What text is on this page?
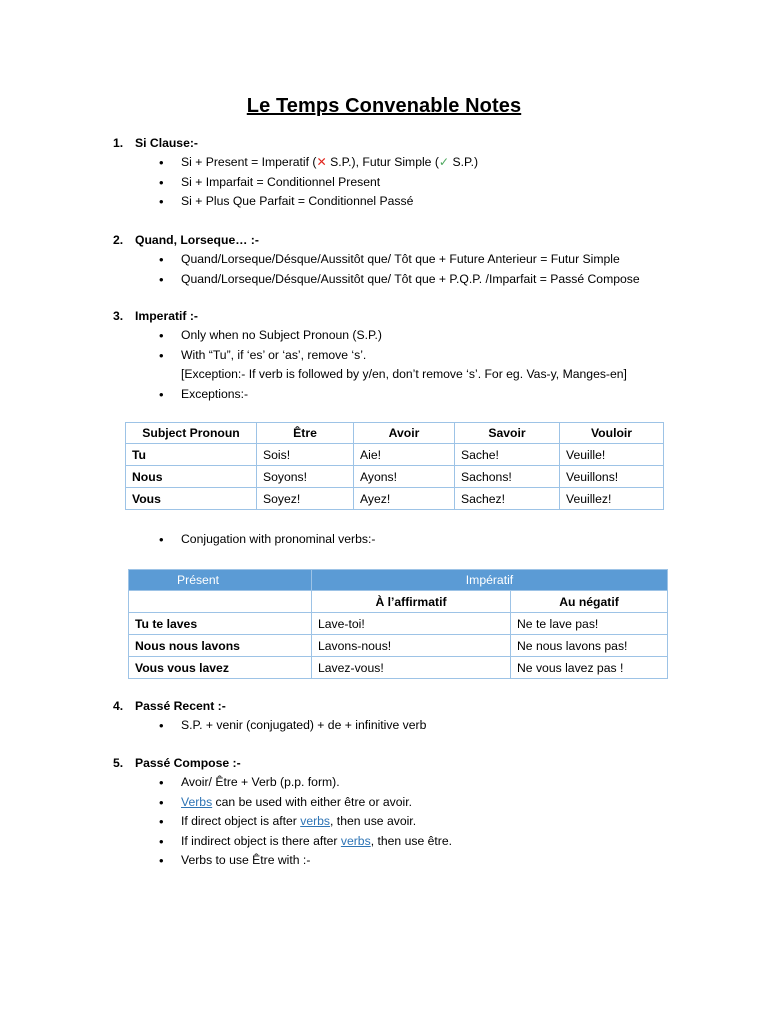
Le Temps Convenable Notes
1. Si Clause:-
• Si + Present = Imperatif (✕ S.P.), Futur Simple (✓ S.P.)
• Si + Imparfait = Conditionnel Present
• Si + Plus Que Parfait = Conditionnel Passé
2. Quand, Lorseque… :-
• Quand/Lorseque/Désque/Aussitôt que/ Tôt que + Future Anterieur = Futur Simple
• Quand/Lorseque/Désque/Aussitôt que/ Tôt que + P.Q.P. /Imparfait = Passé Compose
3. Imperatif :-
• Only when no Subject Pronoun (S.P.)
• With “Tu”, if ‘es’ or ‘as’, remove ‘s’.
[Exception:- If verb is followed by y/en, don’t remove ‘s’. For eg. Vas-y, Manges-en]
• Exceptions:-
Subject Pronoun	Être	Avoir	Savoir	Vouloir
Tu	Sois!	Aie!	Sache!	Veuille!
Nous	Soyons!	Ayons!	Sachons!	Veuillons!
Vous	Soyez!	Ayez!	Sachez!	Veuillez!
• Conjugation with pronominal verbs:-
Présent	Impératif	
	À l’affirmatif	Au négatif
Tu te laves	Lave-toi!	Ne te lave pas!
Nous nous lavons	Lavons-nous!	Ne nous lavons pas!
Vous vous lavez	Lavez-vous!	Ne vous lavez pas !
4. Passé Recent :-
• S.P. + venir (conjugated) + de + infinitive verb
5. Passé Compose :-
• Avoir/ Être + Verb (p.p. form).
• Verbs can be used with either être or avoir.
• If direct object is after verbs, then use avoir.
• If indirect object is there after verbs, then use être.
• Verbs to use Être with :-
